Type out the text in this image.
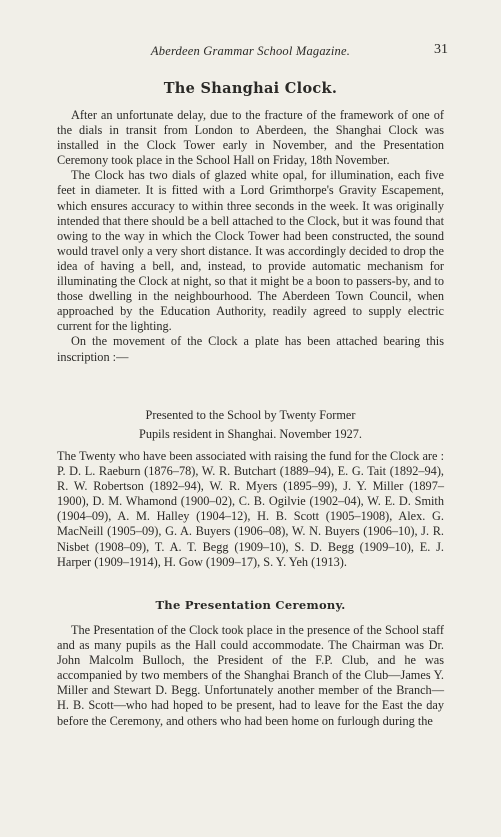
Aberdeen Grammar School Magazine.	31
The Shanghai Clock.

After an unfortunate delay, due to the fracture of the framework of one of the dials in transit from London to Aberdeen, the Shanghai Clock was installed in the Clock Tower early in November, and the Presentation Ceremony took place in the School Hall on Friday, 18th November.

The Clock has two dials of glazed white opal, for illumination, each five feet in diameter. It is fitted with a Lord Grimthorpe's Gravity Escapement, which ensures accuracy to within three seconds in the week. It was originally intended that there should be a bell attached to the Clock, but it was found that owing to the way in which the Clock Tower had been constructed, the sound would travel only a very short distance. It was accordingly decided to drop the idea of having a bell, and, instead, to provide automatic mechanism for illuminating the Clock at night, so that it might be a boon to passers-by, and to those dwelling in the neighbourhood. The Aberdeen Town Council, when approached by the Education Authority, readily agreed to supply electric current for the lighting.

On the movement of the Clock a plate has been attached bearing this inscription :—

Presented to the School by Twenty Former
Pupils resident in Shanghai. November 1927.

The Twenty who have been associated with raising the fund for the Clock are : P. D. L. Raeburn (1876–78), W. R. Butchart (1889–94), E. G. Tait (1892–94), R. W. Robertson (1892–94), W. R. Myers (1895–99), J. Y. Miller (1897–1900), D. M. Whamond (1900–02), C. B. Ogilvie (1902–04), W. E. D. Smith (1904–09), A. M. Halley (1904–12), H. B. Scott (1905–1908), Alex. G. MacNeill (1905–09), G. A. Buyers (1906–08), W. N. Buyers (1906–10), J. R. Nisbet (1908–09), T. A. T. Begg (1909–10), S. D. Begg (1909–10), E. J. Harper (1909–1914), H. Gow (1909–17), S. Y. Yeh (1913).

The Presentation Ceremony.

The Presentation of the Clock took place in the presence of the School staff and as many pupils as the Hall could accommodate. The Chairman was Dr. John Malcolm Bulloch, the President of the F.P. Club, and he was accompanied by two members of the Shanghai Branch of the Club—James Y. Miller and Stewart D. Begg. Unfortunately another member of the Branch—H. B. Scott—who had hoped to be present, had to leave for the East the day before the Ceremony, and others who had been home on furlough during the
